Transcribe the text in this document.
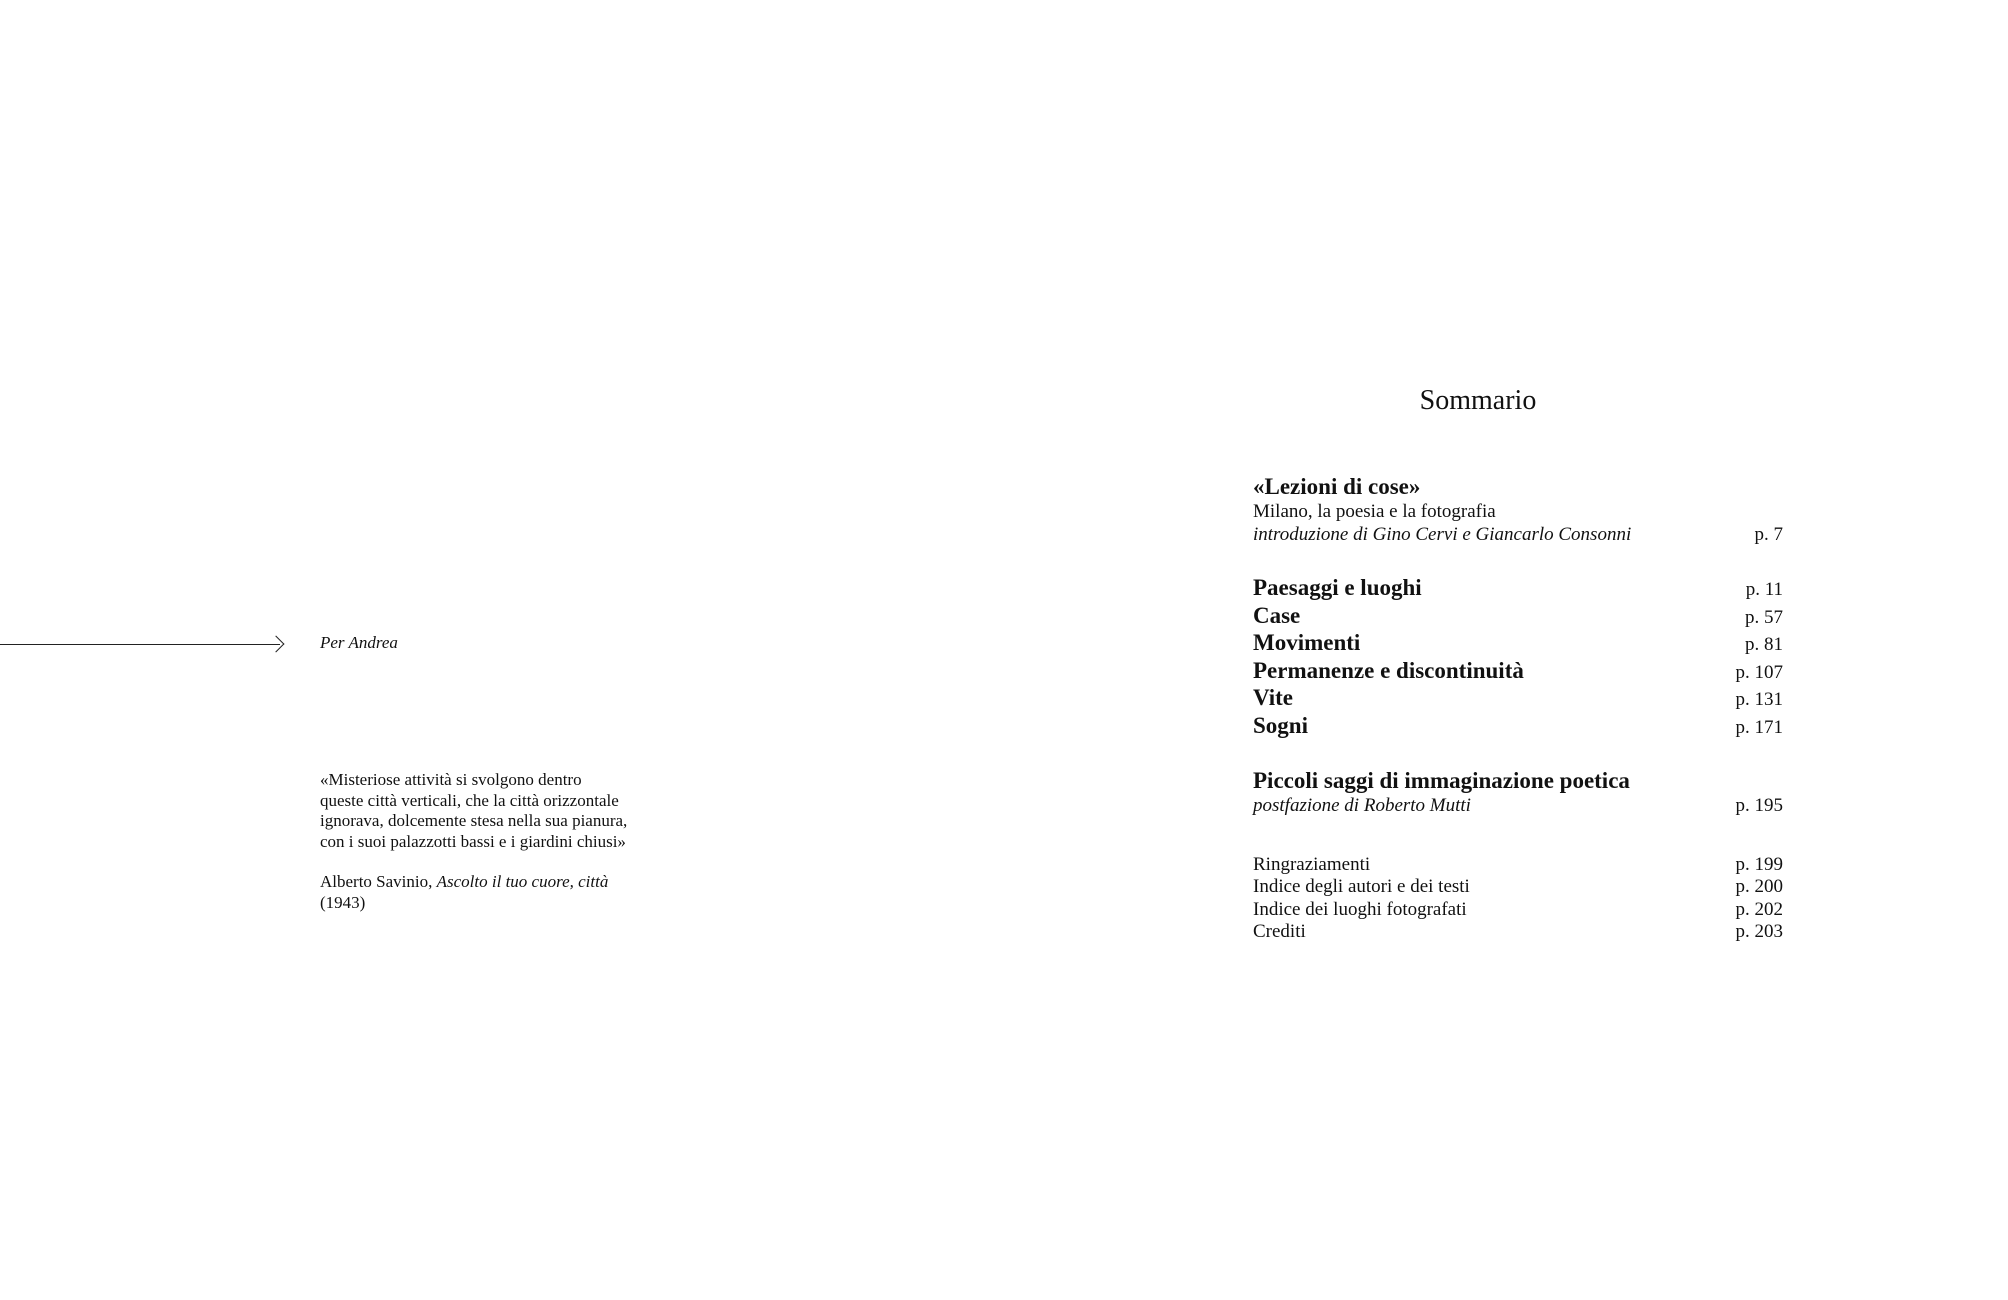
Per Andrea
«Misteriose attività si svolgono dentro
queste città verticali, che la città orizzontale
ignorava, dolcemente stesa nella sua pianura,
con i suoi palazzotti bassi e i giardini chiusi»
Alberto Savinio, Ascolto il tuo cuore, città
(1943)
Sommario
«Lezioni di cose»
Milano, la poesia e la fotografia
introduzione di Gino Cervi e Giancarlo Consonni	p. 7
Paesaggi e luoghi	p. 11
Case	p. 57
Movimenti	p. 81
Permanenze e discontinuità	p. 107
Vite	p. 131
Sogni	p. 171
Piccoli saggi di immaginazione poetica
postfazione di Roberto Mutti	p. 195
Ringraziamenti	p. 199
Indice degli autori e dei testi	p. 200
Indice dei luoghi fotografati	p. 202
Crediti	p. 203
